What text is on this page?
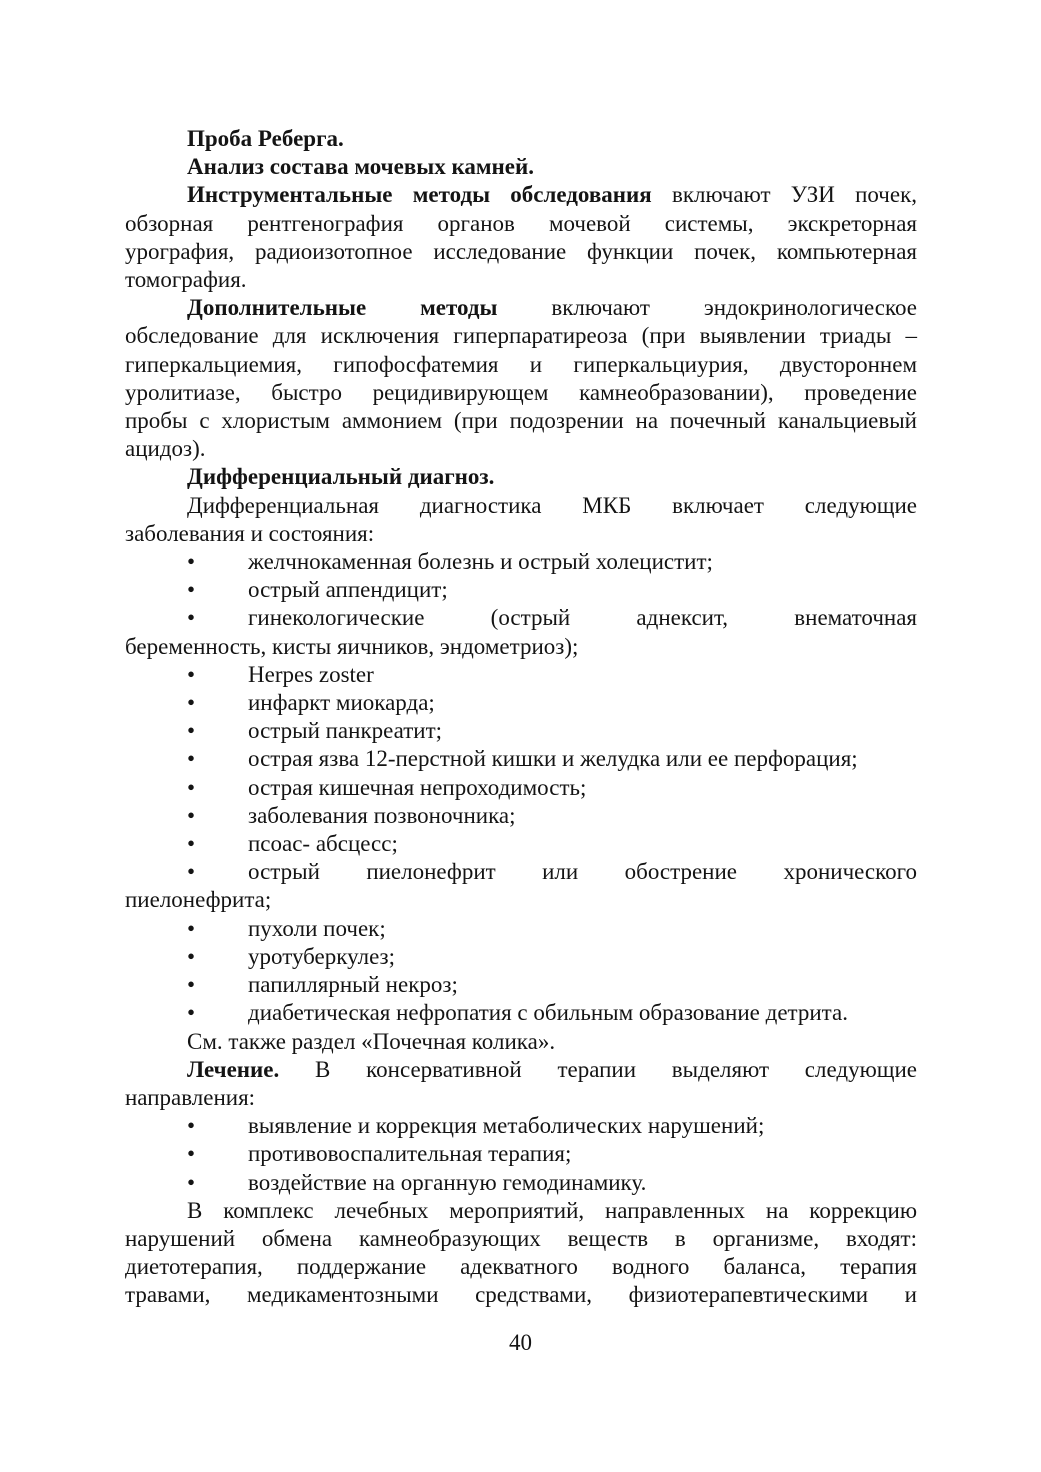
Проба Реберга.

Анализ состава мочевых камней.

Инструментальные методы обследования включают УЗИ почек,

обзорная рентгенография органов мочевой системы, экскреторная

урография, радиоизотопное исследование функции почек, компьютерная

томография.

Дополнительные методы включают эндокринологическое

обследование для исключения гиперпаратиреоза (при выявлении триады –

гиперкальциемия, гипофосфатемия и гиперкальциурия, двустороннем

уролитиазе, быстро рецидивирующем камнеобразовании), проведение

пробы с хлористым аммонием (при подозрении на почечный канальциевый

ацидоз).

Дифференциальный диагноз.

Дифференциальная диагностика МКБ включает следующие

заболевания и состояния:

• желчнокаменная болезнь и острый холецистит;

• острый аппендицит;

• гинекологические (острый аднексит, внематочная

беременность, кисты яичников, эндометриоз);

• Herpes zoster

• инфаркт миокарда;

• острый панкреатит;

• острая язва 12-перстной кишки и желудка или ее перфорация;

• острая кишечная непроходимость;

• заболевания позвоночника;

• псоас- абсцесс;

• острый пиелонефрит или обострение хронического

пиелонефрита;

• пухоли почек;

• уротуберкулез;

• папиллярный некроз;

• диабетическая нефропатия с обильным образование детрита.

См. также раздел «Почечная колика».

Лечение. В консервативной терапии выделяют следующие

направления:

• выявление и коррекция метаболических нарушений;

• противовоспалительная терапия;

• воздействие на органную гемодинамику.

В комплекс лечебных мероприятий, направленных на коррекцию

нарушений обмена камнеобразующих веществ в организме, входят:

диетотерапия, поддержание адекватного водного баланса, терапия

травами, медикаментозными средствами, физиотерапевтическими и

40
